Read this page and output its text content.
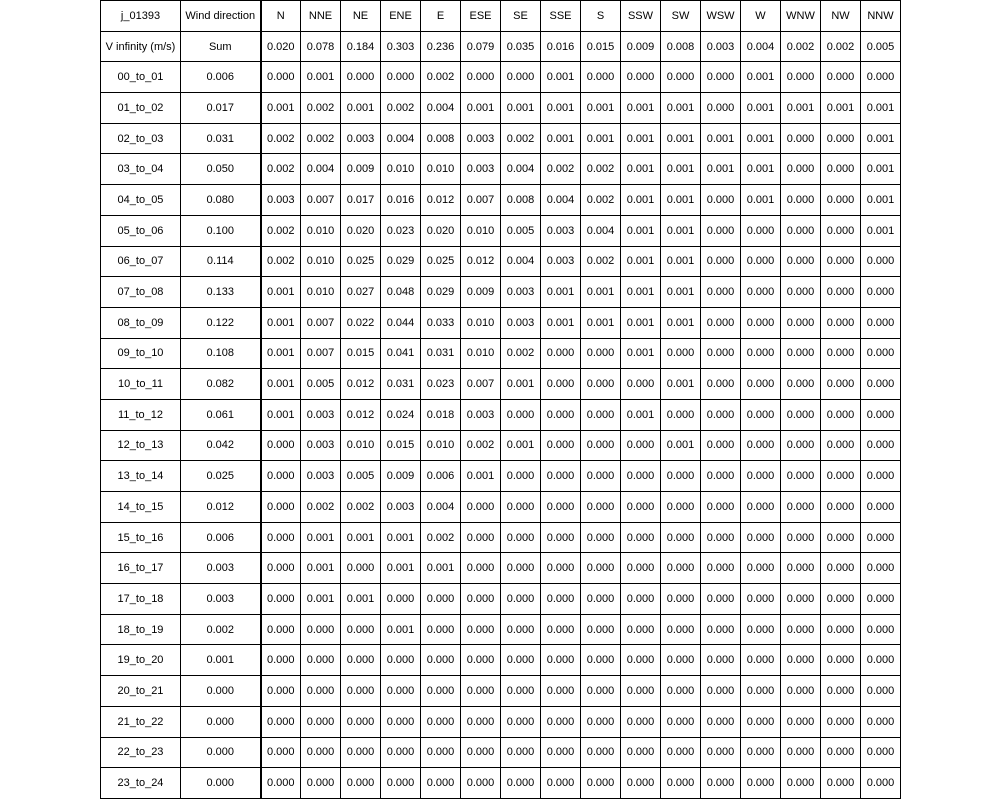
j_01393	Wind direction	N	NNE	NE	ENE	E	ESE	SE	SSE	S	SSW	SW	WSW	W	WNW	NW	NNW
V infinity (m/s)	Sum	0.020	0.078	0.184	0.303	0.236	0.079	0.035	0.016	0.015	0.009	0.008	0.003	0.004	0.002	0.002	0.005
00_to_01	0.006	0.000	0.001	0.000	0.000	0.002	0.000	0.000	0.001	0.000	0.000	0.000	0.000	0.001	0.000	0.000	0.000
01_to_02	0.017	0.001	0.002	0.001	0.002	0.004	0.001	0.001	0.001	0.001	0.001	0.001	0.000	0.001	0.001	0.001	0.001
02_to_03	0.031	0.002	0.002	0.003	0.004	0.008	0.003	0.002	0.001	0.001	0.001	0.001	0.001	0.001	0.000	0.000	0.001
03_to_04	0.050	0.002	0.004	0.009	0.010	0.010	0.003	0.004	0.002	0.002	0.001	0.001	0.001	0.001	0.000	0.000	0.001
04_to_05	0.080	0.003	0.007	0.017	0.016	0.012	0.007	0.008	0.004	0.002	0.001	0.001	0.000	0.001	0.000	0.000	0.001
05_to_06	0.100	0.002	0.010	0.020	0.023	0.020	0.010	0.005	0.003	0.004	0.001	0.001	0.000	0.000	0.000	0.000	0.001
06_to_07	0.114	0.002	0.010	0.025	0.029	0.025	0.012	0.004	0.003	0.002	0.001	0.001	0.000	0.000	0.000	0.000	0.000
07_to_08	0.133	0.001	0.010	0.027	0.048	0.029	0.009	0.003	0.001	0.001	0.001	0.001	0.000	0.000	0.000	0.000	0.000
08_to_09	0.122	0.001	0.007	0.022	0.044	0.033	0.010	0.003	0.001	0.001	0.001	0.001	0.000	0.000	0.000	0.000	0.000
09_to_10	0.108	0.001	0.007	0.015	0.041	0.031	0.010	0.002	0.000	0.000	0.001	0.000	0.000	0.000	0.000	0.000	0.000
10_to_11	0.082	0.001	0.005	0.012	0.031	0.023	0.007	0.001	0.000	0.000	0.000	0.001	0.000	0.000	0.000	0.000	0.000
11_to_12	0.061	0.001	0.003	0.012	0.024	0.018	0.003	0.000	0.000	0.000	0.001	0.000	0.000	0.000	0.000	0.000	0.000
12_to_13	0.042	0.000	0.003	0.010	0.015	0.010	0.002	0.001	0.000	0.000	0.000	0.001	0.000	0.000	0.000	0.000	0.000
13_to_14	0.025	0.000	0.003	0.005	0.009	0.006	0.001	0.000	0.000	0.000	0.000	0.000	0.000	0.000	0.000	0.000	0.000
14_to_15	0.012	0.000	0.002	0.002	0.003	0.004	0.000	0.000	0.000	0.000	0.000	0.000	0.000	0.000	0.000	0.000	0.000
15_to_16	0.006	0.000	0.001	0.001	0.001	0.002	0.000	0.000	0.000	0.000	0.000	0.000	0.000	0.000	0.000	0.000	0.000
16_to_17	0.003	0.000	0.001	0.000	0.001	0.001	0.000	0.000	0.000	0.000	0.000	0.000	0.000	0.000	0.000	0.000	0.000
17_to_18	0.003	0.000	0.001	0.001	0.000	0.000	0.000	0.000	0.000	0.000	0.000	0.000	0.000	0.000	0.000	0.000	0.000
18_to_19	0.002	0.000	0.000	0.000	0.001	0.000	0.000	0.000	0.000	0.000	0.000	0.000	0.000	0.000	0.000	0.000	0.000
19_to_20	0.001	0.000	0.000	0.000	0.000	0.000	0.000	0.000	0.000	0.000	0.000	0.000	0.000	0.000	0.000	0.000	0.000
20_to_21	0.000	0.000	0.000	0.000	0.000	0.000	0.000	0.000	0.000	0.000	0.000	0.000	0.000	0.000	0.000	0.000	0.000
21_to_22	0.000	0.000	0.000	0.000	0.000	0.000	0.000	0.000	0.000	0.000	0.000	0.000	0.000	0.000	0.000	0.000	0.000
22_to_23	0.000	0.000	0.000	0.000	0.000	0.000	0.000	0.000	0.000	0.000	0.000	0.000	0.000	0.000	0.000	0.000	0.000
23_to_24	0.000	0.000	0.000	0.000	0.000	0.000	0.000	0.000	0.000	0.000	0.000	0.000	0.000	0.000	0.000	0.000	0.000
